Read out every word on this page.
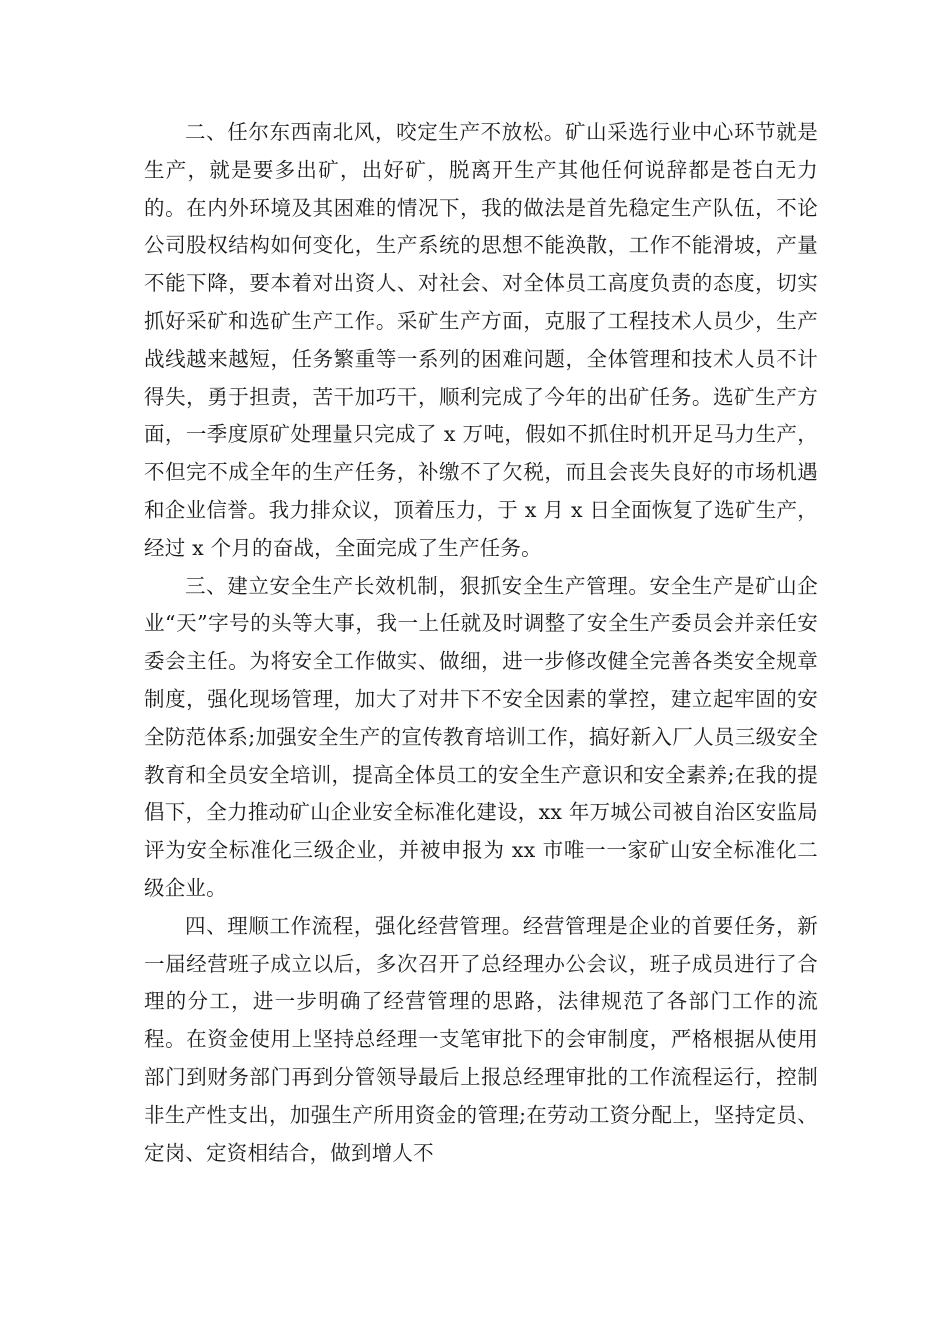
二、任尔东西南北风，咬定生产不放松。矿山采选行业中心环节就是生产，就是要多出矿，出好矿，脱离开生产其他任何说辞都是苍白无力的。在内外环境及其困难的情况下，我的做法是首先稳定生产队伍，不论公司股权结构如何变化，生产系统的思想不能涣散，工作不能滑坡，产量不能下降，要本着对出资人、对社会、对全体员工高度负责的态度，切实抓好采矿和选矿生产工作。采矿生产方面，克服了工程技术人员少，生产战线越来越短，任务繁重等一系列的困难问题，全体管理和技术人员不计得失，勇于担责，苦干加巧干，顺利完成了今年的出矿任务。选矿生产方面，一季度原矿处理量只完成了 x 万吨，假如不抓住时机开足马力生产，不但完不成全年的生产任务，补缴不了欠税，而且会丧失良好的市场机遇和企业信誉。我力排众议，顶着压力，于 x 月 x 日全面恢复了选矿生产，经过 x 个月的奋战，全面完成了生产任务。

三、建立安全生产长效机制，狠抓安全生产管理。安全生产是矿山企业“天”字号的头等大事，我一上任就及时调整了安全生产委员会并亲任安委会主任。为将安全工作做实、做细，进一步修改健全完善各类安全规章制度，强化现场管理，加大了对井下不安全因素的掌控，建立起牢固的安全防范体系;加强安全生产的宣传教育培训工作，搞好新入厂人员三级安全教育和全员安全培训，提高全体员工的安全生产意识和安全素养;在我的提倡下，全力推动矿山企业安全标准化建设，xx 年万城公司被自治区安监局评为安全标准化三级企业，并被申报为 xx 市唯一一家矿山安全标准化二级企业。

四、理顺工作流程，强化经营管理。经营管理是企业的首要任务，新一届经营班子成立以后，多次召开了总经理办公会议，班子成员进行了合理的分工，进一步明确了经营管理的思路，法律规范了各部门工作的流程。在资金使用上坚持总经理一支笔审批下的会审制度，严格根据从使用部门到财务部门再到分管领导最后上报总经理审批的工作流程运行，控制非生产性支出，加强生产所用资金的管理;在劳动工资分配上，坚持定员、定岗、定资相结合，做到增人不
